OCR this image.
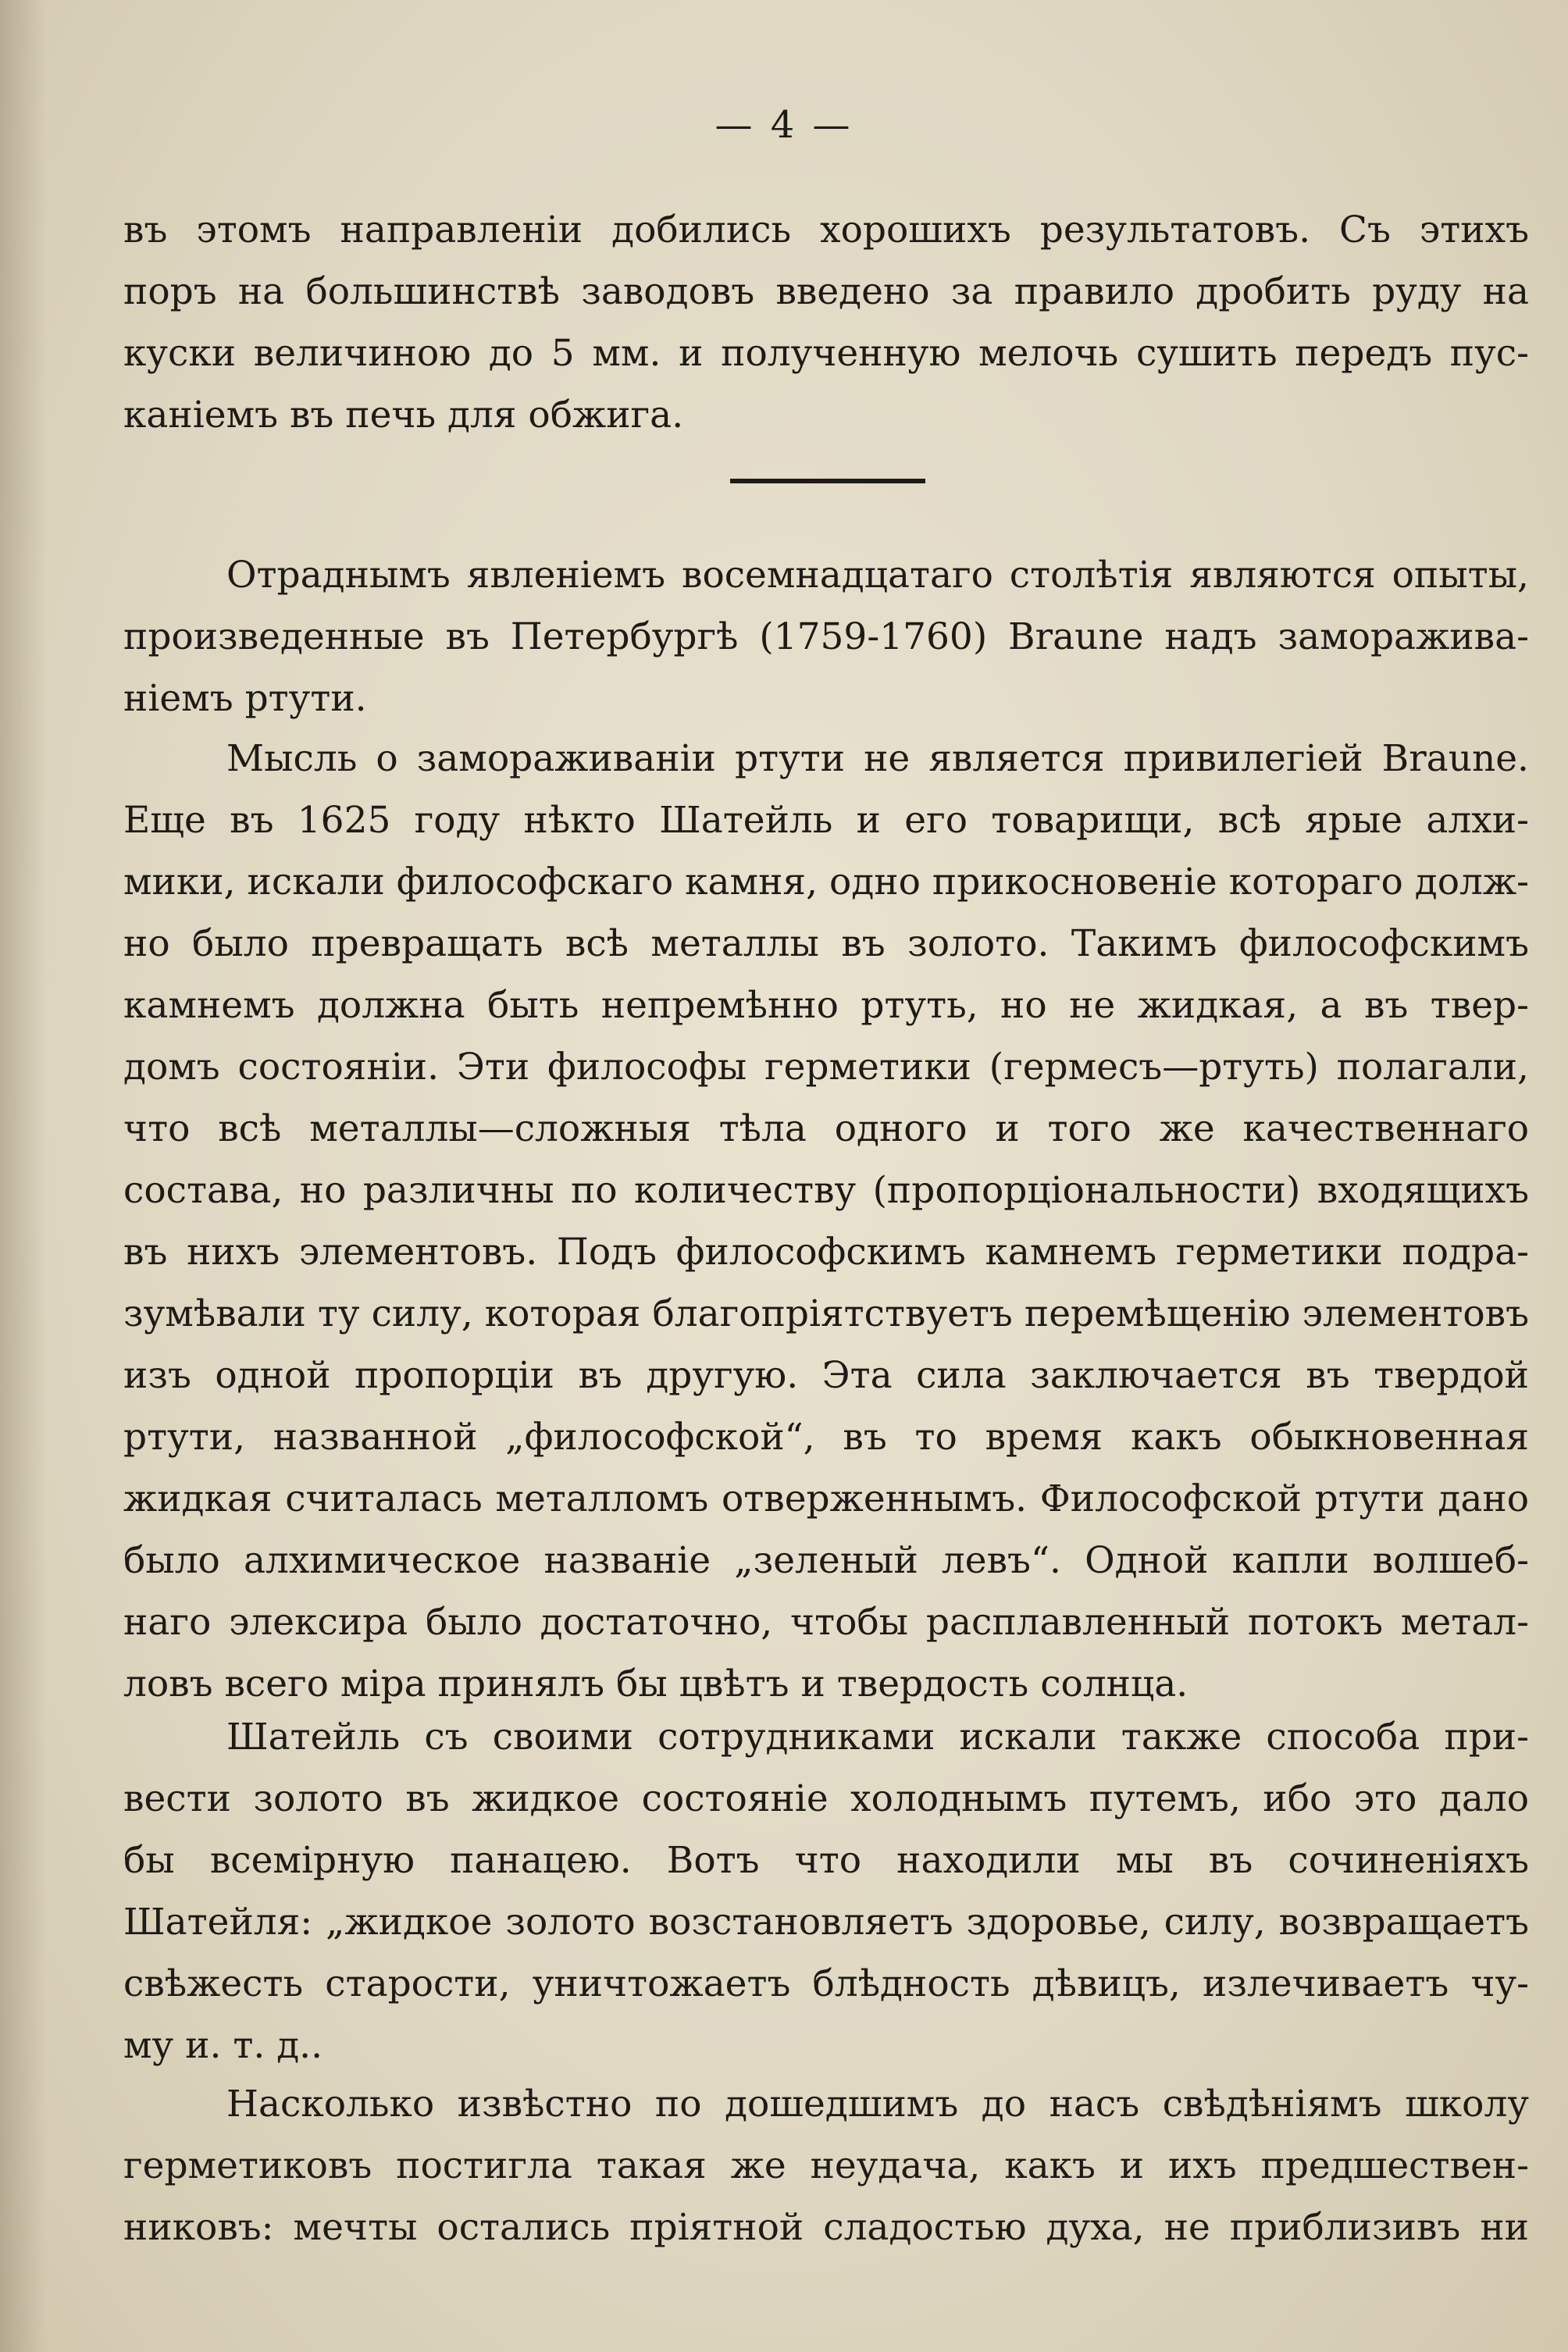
— 4 —
въ этомъ направленіи добились хорошихъ результатовъ. Съ этихъ
поръ на большинствѣ заводовъ введено за правило дробить руду на
куски величиною до 5 мм. и полученную мелочь сушить передъ пус-
каніемъ въ печь для обжига.
Отраднымъ явленіемъ восемнадцатаго столѣтія являются опыты,
произведенные въ Петербургѣ (1759-1760) Braune надъ заморажива-
ніемъ ртути.
Мысль о замораживаніи ртути не является привилегіей Braune.
Еще въ 1625 году нѣкто Шатейль и его товарищи, всѣ ярые алхи-
мики, искали философскаго камня, одно прикосновеніе котораго долж-
но было превращать всѣ металлы въ золото. Такимъ философскимъ
камнемъ должна быть непремѣнно ртуть, но не жидкая, а въ твер-
домъ состояніи. Эти философы герметики (гермесъ—ртуть) полагали,
что всѣ металлы—сложныя тѣла одного и того же качественнаго
состава, но различны по количеству (пропорціональности) входящихъ
въ нихъ элементовъ. Подъ философскимъ камнемъ герметики подра-
зумѣвали ту силу, которая благопріятствуетъ перемѣщенію элементовъ
изъ одной пропорціи въ другую. Эта сила заключается въ твердой
ртути, названной „философской“, въ то время какъ обыкновенная
жидкая считалась металломъ отверженнымъ. Философской ртути дано
было алхимическое названіе „зеленый левъ“. Одной капли волшеб-
наго элексира было достаточно, чтобы расплавленный потокъ метал-
ловъ всего міра принялъ бы цвѣтъ и твердость солнца.
Шатейль съ своими сотрудниками искали также способа при-
вести золото въ жидкое состояніе холоднымъ путемъ, ибо это дало
бы всемірную панацею. Вотъ что находили мы въ сочиненіяхъ
Шатейля: „жидкое золото возстановляетъ здоровье, силу, возвращаетъ
свѣжесть старости, уничтожаетъ блѣдность дѣвицъ, излечиваетъ чу-
му и. т. д..
Насколько извѣстно по дошедшимъ до насъ свѣдѣніямъ школу
герметиковъ постигла такая же неудача, какъ и ихъ предшествен-
никовъ: мечты остались пріятной сладостью духа, не приблизивъ ни
